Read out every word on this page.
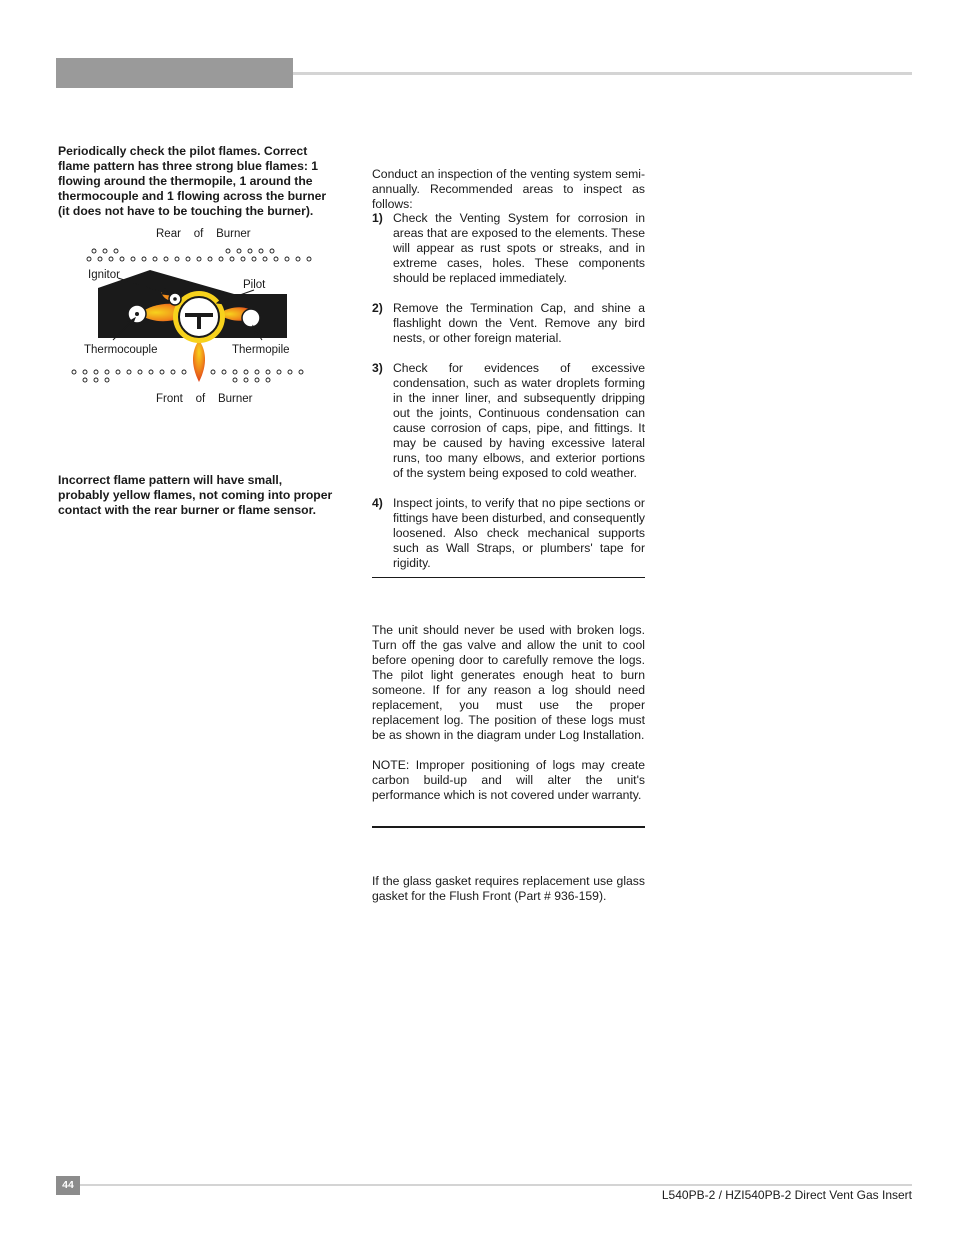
Periodically check the pilot flames. Correct flame pattern has three strong blue flames: 1 flowing around the thermopile, 1 around the thermocouple and 1 flowing across the burner (it does not have to be touching the burner).
Rear    of    Burner
Ignitor
Pilot
Thermocouple	Thermopile
Front    of    Burner
Incorrect flame pattern will have small, probably yellow flames, not coming into proper contact with the rear burner or flame sensor.
Conduct an inspection of the venting system semi-annually. Recommended areas to inspect as follows:
1) Check the Venting System for corrosion in areas that are exposed to the elements. These will appear as rust spots or streaks, and in extreme cases, holes. These components should be replaced immediately.
2) Remove the Termination Cap, and shine a flashlight down the Vent. Remove any bird nests, or other foreign material.
3) Check for evidences of excessive condensation, such as water droplets forming in the inner liner, and subsequently dripping out the joints, Continuous condensation can cause corrosion of caps, pipe, and fittings. It may be caused by having excessive lateral runs, too many elbows, and exterior portions of the system being exposed to cold weather.
4) Inspect joints, to verify that no pipe sections or fittings have been disturbed, and consequently loosened. Also check mechanical supports such as Wall Straps, or plumbers' tape for rigidity.

The unit should never be used with broken logs. Turn off the gas valve and allow the unit to cool before opening door to carefully remove the logs. The pilot light generates enough heat to burn someone. If for any reason a log should need replacement, you must use the proper replacement log. The position of these logs must be as shown in the diagram under Log Installation.

NOTE: Improper positioning of logs may create carbon build-up and will alter the unit's performance which is not covered under warranty.

If the glass gasket requires replacement use glass gasket for the Flush Front (Part # 936-159).
44
L540PB-2 / HZI540PB-2 Direct Vent Gas Insert
